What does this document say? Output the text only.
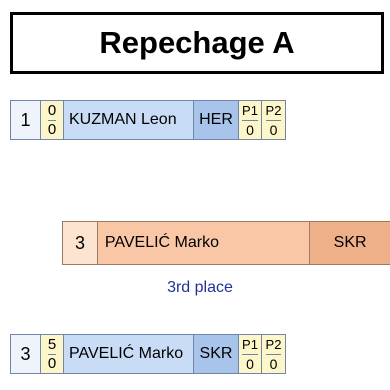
Repechage A
1	0
0
KUZMAN Leon	HER
P1
0
P2
0
3	PAVELIĆ Marko	SKR
3rd place
3	5
0
PAVELIĆ Marko	SKR
P1
0
P2
0
